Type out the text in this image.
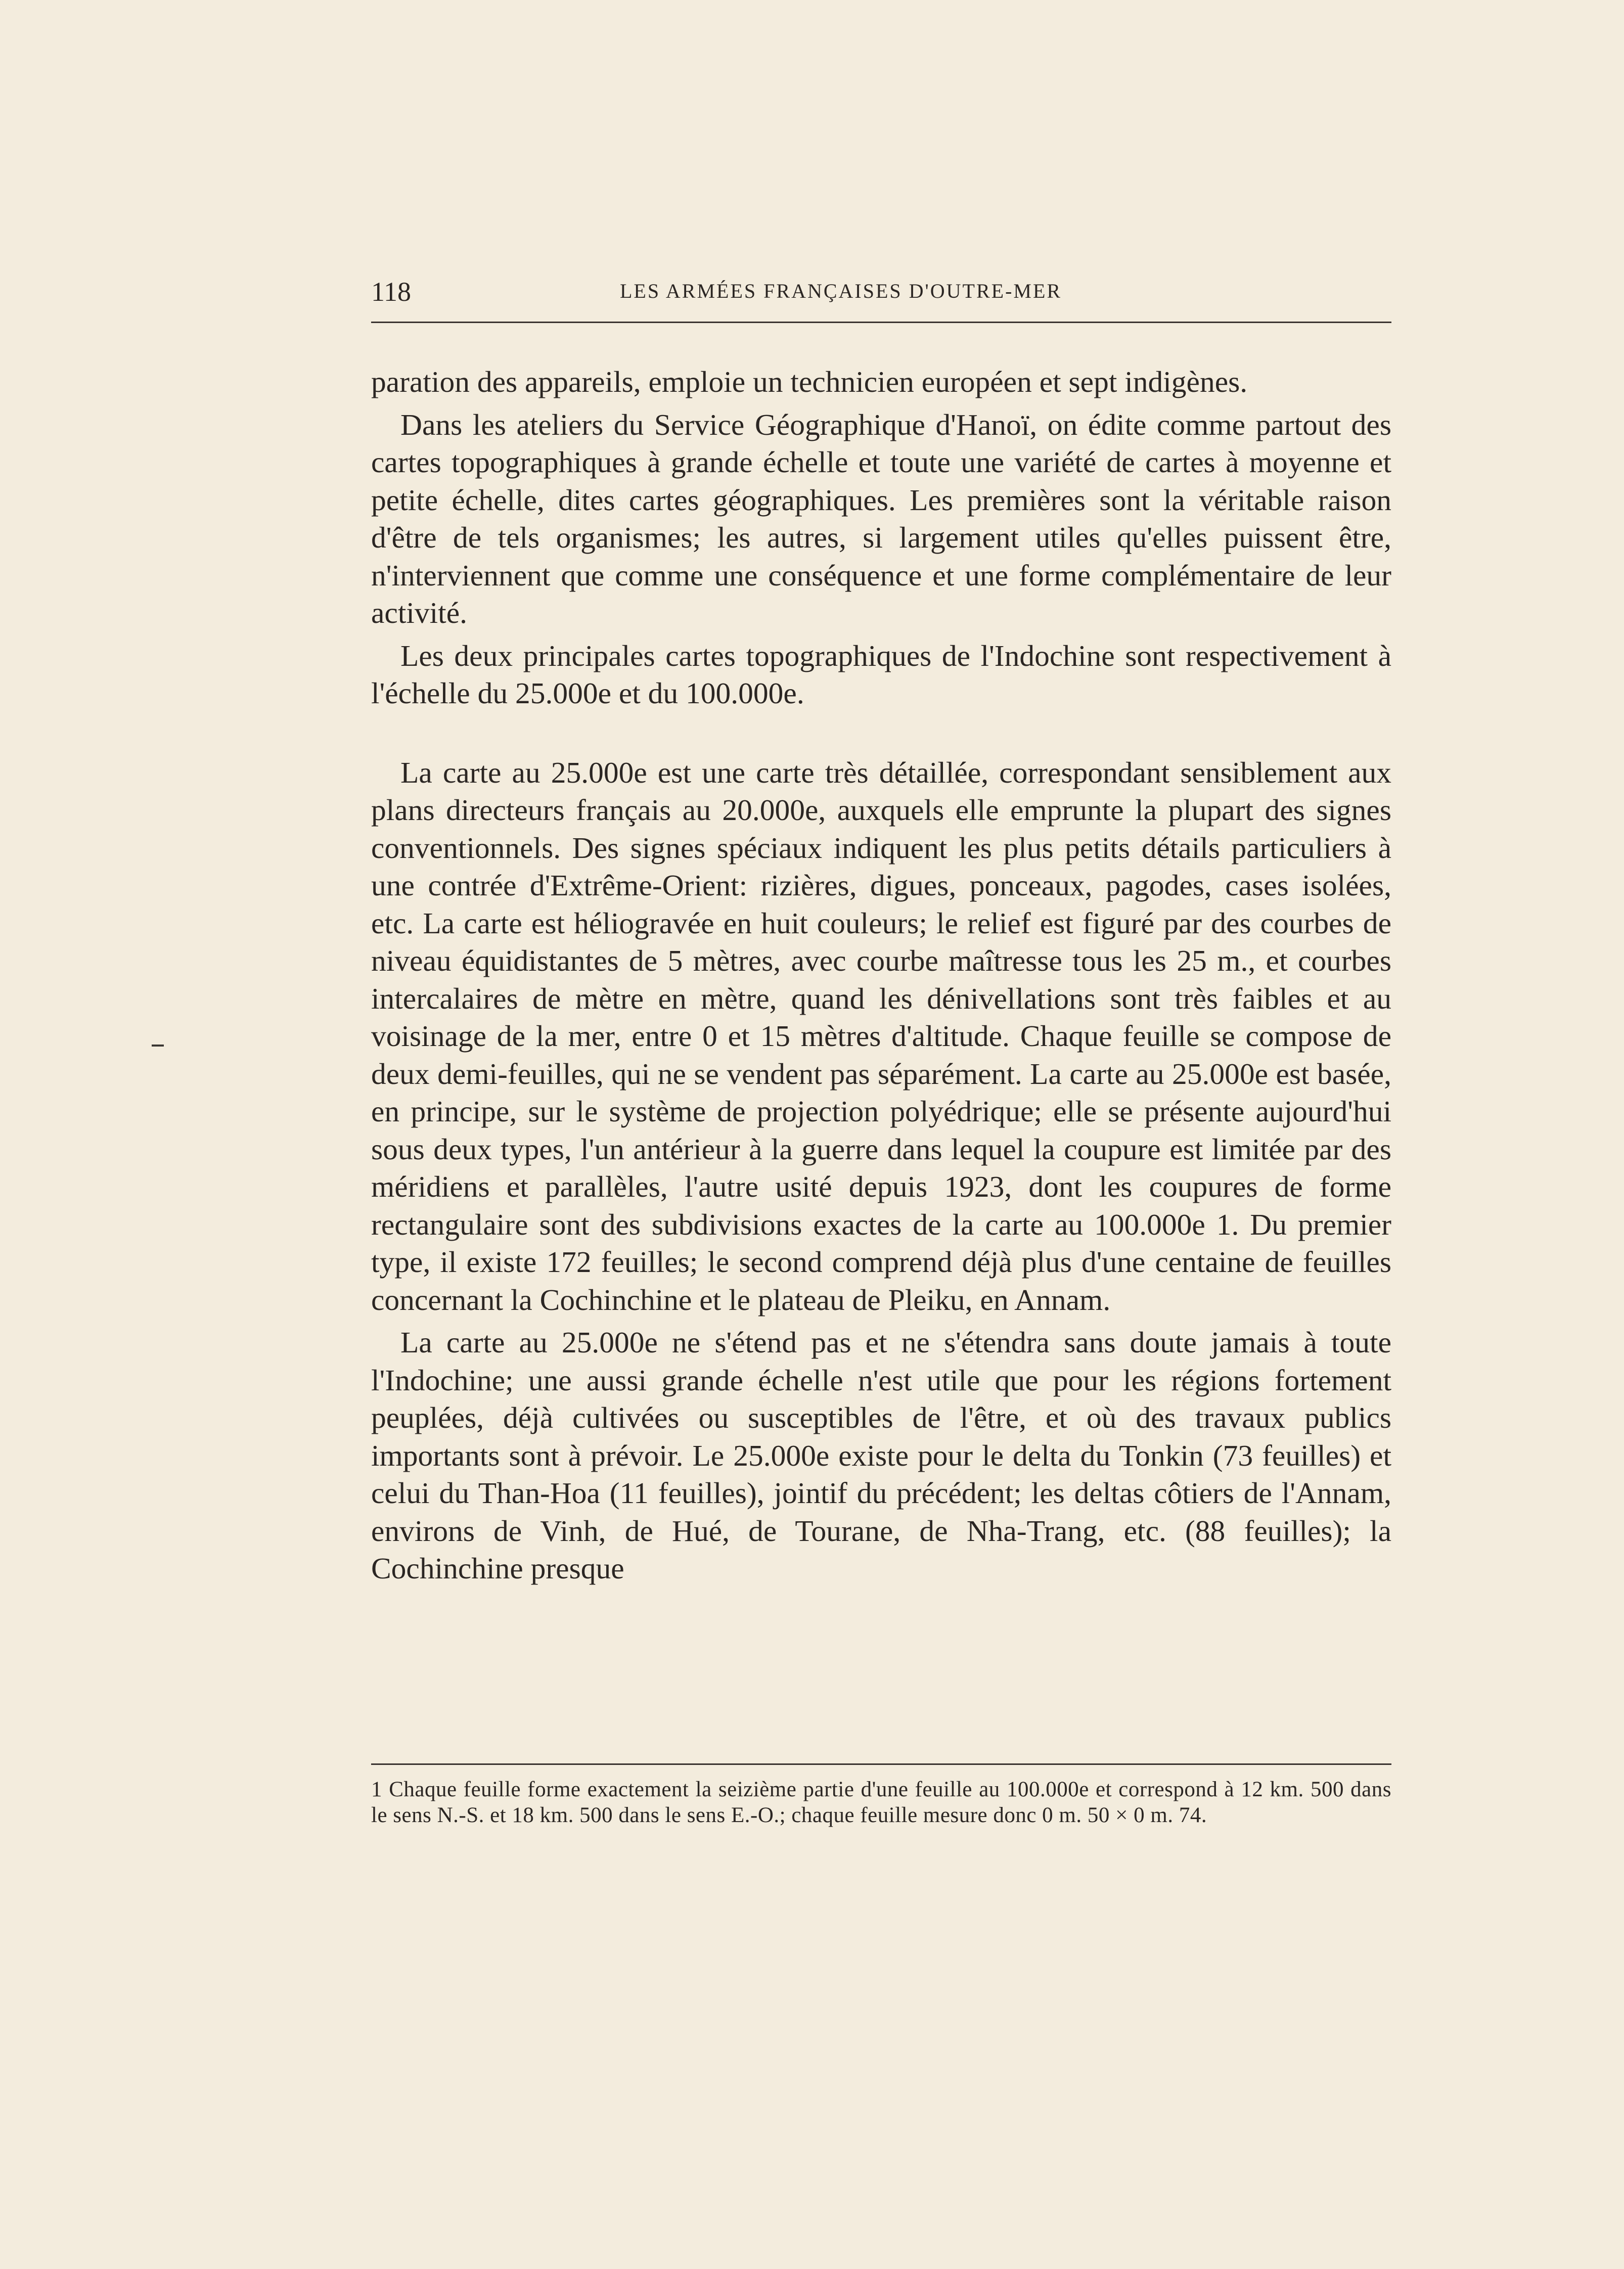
118	LES ARMÉES FRANÇAISES D'OUTRE-MER

paration des appareils, emploie un technicien européen et sept indigènes.

Dans les ateliers du Service Géographique d'Hanoï, on édite comme partout des cartes topographiques à grande échelle et toute une variété de cartes à moyenne et petite échelle, dites cartes géographiques. Les premières sont la véritable raison d'être de tels organismes; les autres, si largement utiles qu'elles puissent être, n'interviennent que comme une conséquence et une forme complémentaire de leur activité.

Les deux principales cartes topographiques de l'Indochine sont respectivement à l'échelle du 25.000e et du 100.000e.

La carte au 25.000e est une carte très détaillée, correspondant sensiblement aux plans directeurs français au 20.000e, auxquels elle emprunte la plupart des signes conventionnels. Des signes spéciaux indiquent les plus petits détails particuliers à une contrée d'Extrême-Orient: rizières, digues, ponceaux, pagodes, cases isolées, etc. La carte est héliogravée en huit couleurs; le relief est figuré par des courbes de niveau équidistantes de 5 mètres, avec courbe maîtresse tous les 25 m., et courbes intercalaires de mètre en mètre, quand les dénivellations sont très faibles et au voisinage de la mer, entre 0 et 15 mètres d'altitude. Chaque feuille se compose de deux demi-feuilles, qui ne se vendent pas séparément. La carte au 25.000e est basée, en principe, sur le système de projection polyédrique; elle se présente aujourd'hui sous deux types, l'un antérieur à la guerre dans lequel la coupure est limitée par des méridiens et parallèles, l'autre usité depuis 1923, dont les coupures de forme rectangulaire sont des subdivisions exactes de la carte au 100.000e 1. Du premier type, il existe 172 feuilles; le second comprend déjà plus d'une centaine de feuilles concernant la Cochinchine et le plateau de Pleiku, en Annam.

La carte au 25.000e ne s'étend pas et ne s'étendra sans doute jamais à toute l'Indochine; une aussi grande échelle n'est utile que pour les régions fortement peuplées, déjà cultivées ou susceptibles de l'être, et où des travaux publics importants sont à prévoir. Le 25.000e existe pour le delta du Tonkin (73 feuilles) et celui du Than-Hoa (11 feuilles), jointif du précédent; les deltas côtiers de l'Annam, environs de Vinh, de Hué, de Tourane, de Nha-Trang, etc. (88 feuilles); la Cochinchine presque

1 Chaque feuille forme exactement la seizième partie d'une feuille au 100.000e et correspond à 12 km. 500 dans le sens N.-S. et 18 km. 500 dans le sens E.-O.; chaque feuille mesure donc 0 m. 50 × 0 m. 74.
